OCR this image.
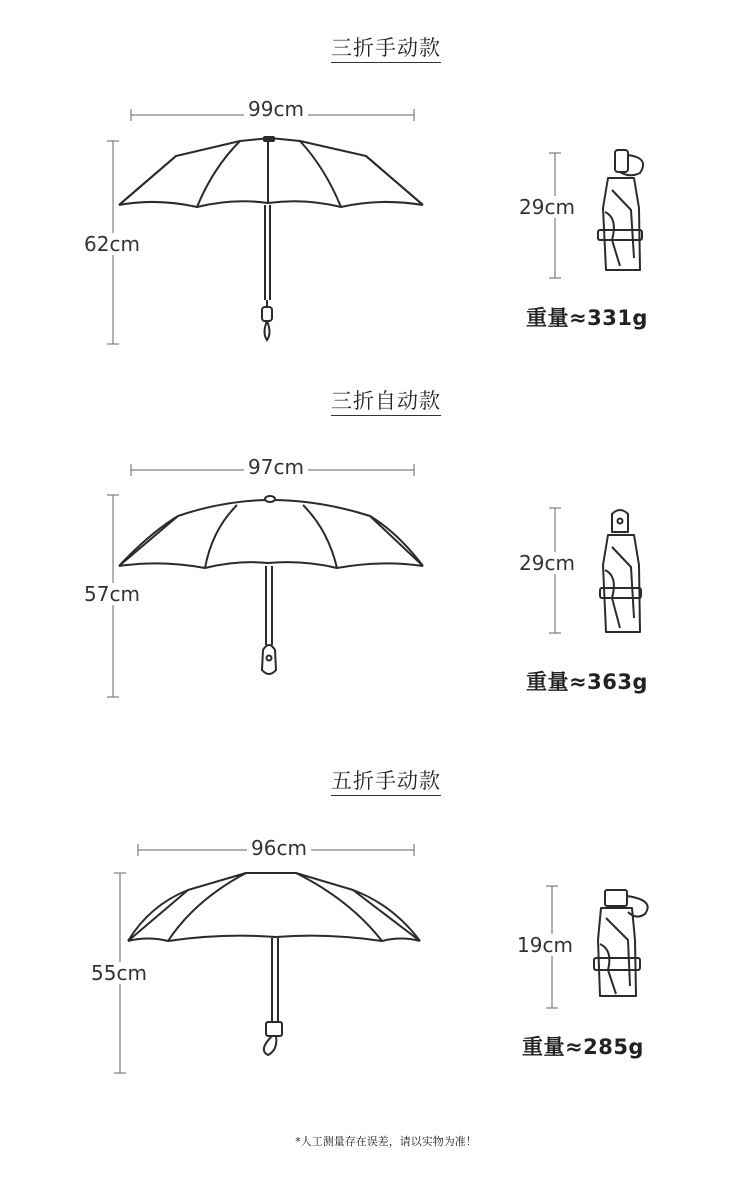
三折手动款
99cm
62cm
29cm
重量≈331g
三折自动款
97cm
57cm
29cm
重量≈363g
五折手动款
96cm
55cm
19cm
重量≈285g
*人工测量存在误差，请以实物为准！
